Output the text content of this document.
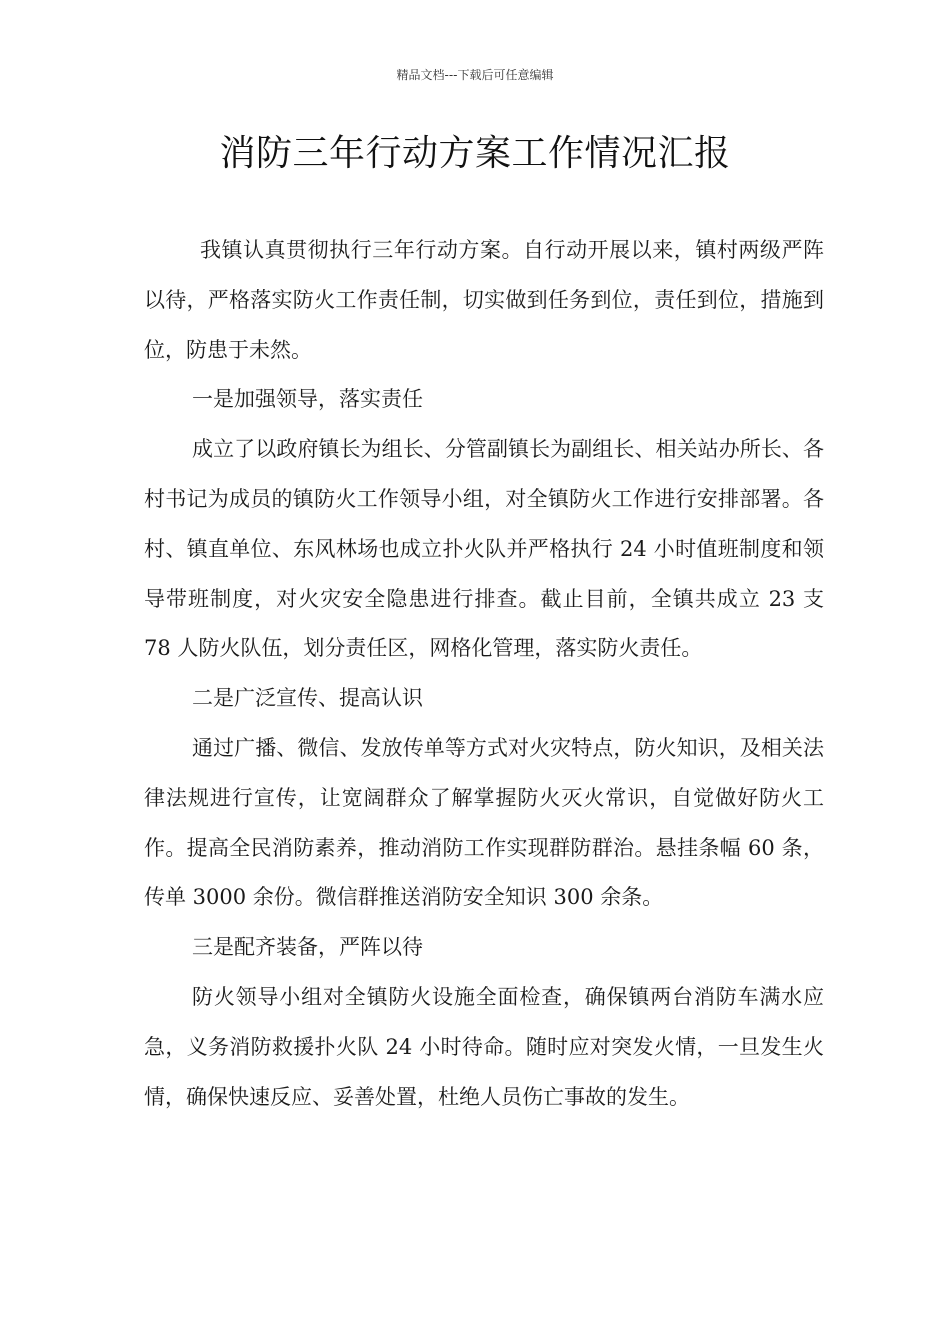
精品文档---下载后可任意编辑
消防三年行动方案工作情况汇报

我镇认真贯彻执行三年行动方案。自行动开展以来，镇村两级严阵以待，严格落实防火工作责任制，切实做到任务到位，责任到位，措施到位，防患于未然。

一是加强领导，落实责任

成立了以政府镇长为组长、分管副镇长为副组长、相关站办所长、各村书记为成员的镇防火工作领导小组，对全镇防火工作进行安排部署。各村、镇直单位、东风林场也成立扑火队并严格执行 24 小时值班制度和领导带班制度，对火灾安全隐患进行排查。截止目前，全镇共成立 23 支 78 人防火队伍，划分责任区，网格化管理，落实防火责任。

二是广泛宣传、提高认识

通过广播、微信、发放传单等方式对火灾特点，防火知识，及相关法律法规进行宣传，让宽阔群众了解掌握防火灭火常识，自觉做好防火工作。提高全民消防素养，推动消防工作实现群防群治。悬挂条幅 60 条，传单 3000 余份。微信群推送消防安全知识 300 余条。

三是配齐装备，严阵以待

防火领导小组对全镇防火设施全面检查，确保镇两台消防车满水应急，义务消防救援扑火队 24 小时待命。随时应对突发火情，一旦发生火情，确保快速反应、妥善处置，杜绝人员伤亡事故的发生。
